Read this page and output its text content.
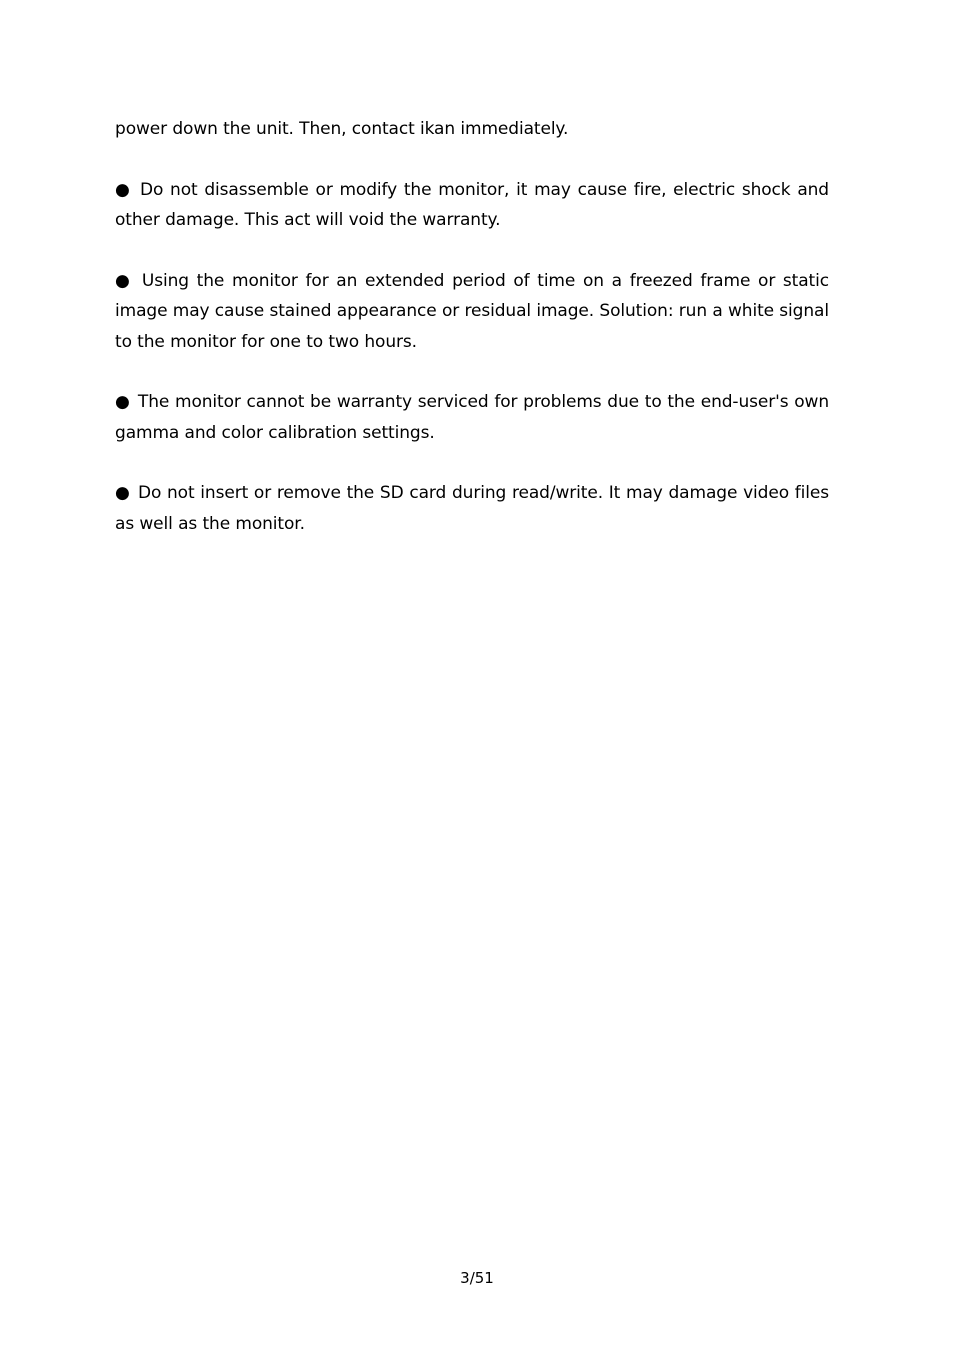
power down the unit. Then, contact ikan immediately.

● Do not disassemble or modify the monitor, it may cause fire, electric shock and other damage. This act will void the warranty.

● Using the monitor for an extended period of time on a freezed frame or static image may cause stained appearance or residual image. Solution: run a white signal to the monitor for one to two hours.

● The monitor cannot be warranty serviced for problems due to the end-user's own gamma and color calibration settings.

● Do not insert or remove the SD card during read/write. It may damage video files as well as the monitor.

3/51
